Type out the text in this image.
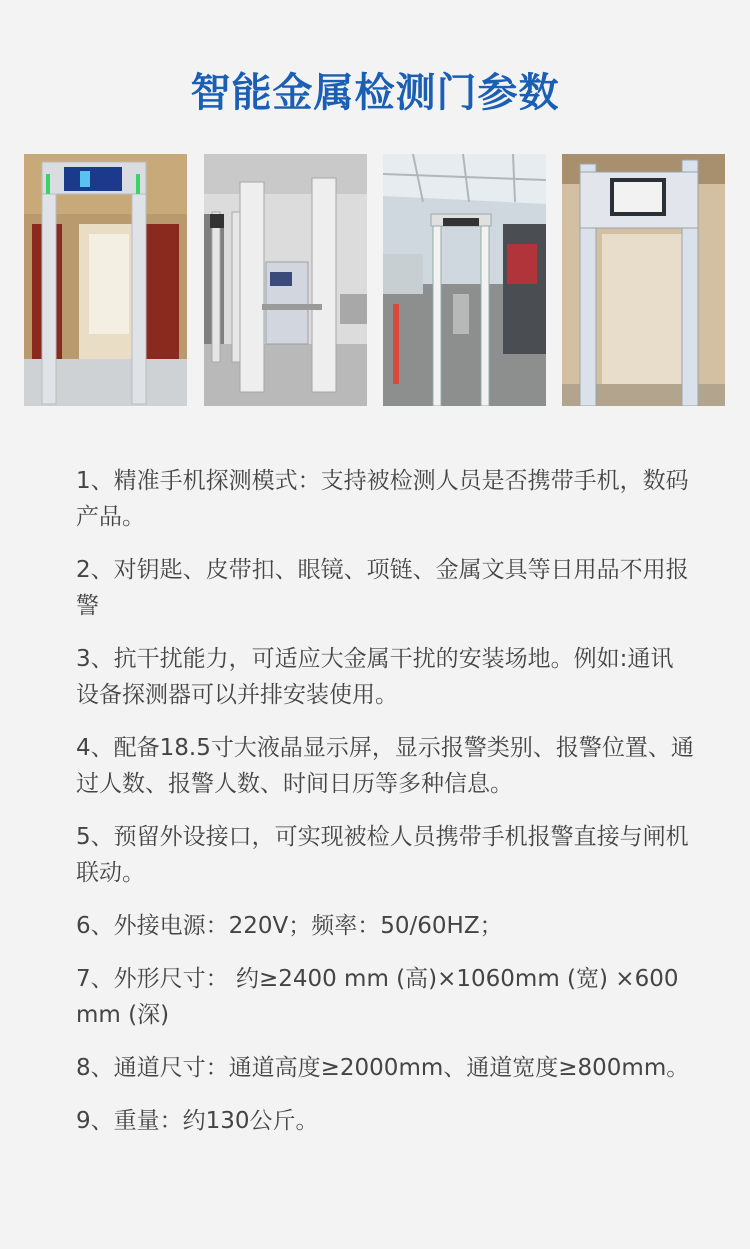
智能金属检测门参数
1、精准手机探测模式：支持被检测人员是否携带手机，数码产品。
2、对钥匙、皮带扣、眼镜、项链、金属文具等日用品不用报警
3、抗干扰能力，可适应大金属干扰的安装场地。例如:通讯设备探测器可以并排安装使用。
4、配备18.5寸大液晶显示屏，显示报警类别、报警位置、通过人数、报警人数、时间日历等多种信息。
5、预留外设接口，可实现被检人员携带手机报警直接与闸机联动。
6、外接电源：220V；频率：50/60HZ；
7、外形尺寸： 约≥2400 mm (高)×1060mm (宽) ×600 mm (深)
8、通道尺寸：通道高度≥2000mm、通道宽度≥800mm。
9、重量：约130公斤。
